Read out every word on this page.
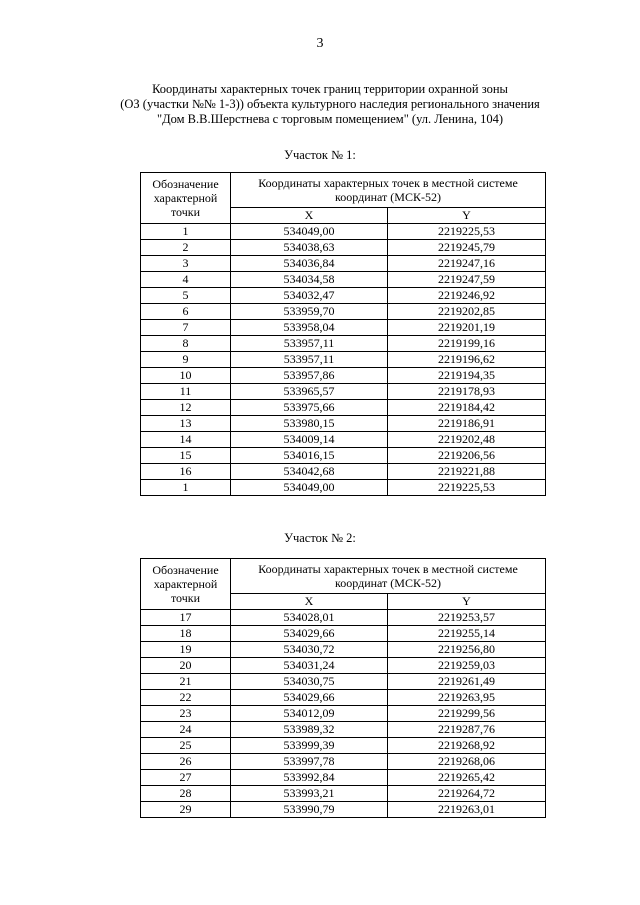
3
Координаты характерных точек границ территории охранной зоны
(ОЗ (участки №№ 1-3)) объекта культурного наследия регионального значения
"Дом В.В.Шерстнева с торговым помещением" (ул. Ленина, 104)
Участок № 1:
Обозначение характерной точки	Координаты характерных точек в местной системе координат (МСК-52)	
	X	Y
1	534049,00	2219225,53
2	534038,63	2219245,79
3	534036,84	2219247,16
4	534034,58	2219247,59
5	534032,47	2219246,92
6	533959,70	2219202,85
7	533958,04	2219201,19
8	533957,11	2219199,16
9	533957,11	2219196,62
10	533957,86	2219194,35
11	533965,57	2219178,93
12	533975,66	2219184,42
13	533980,15	2219186,91
14	534009,14	2219202,48
15	534016,15	2219206,56
16	534042,68	2219221,88
1	534049,00	2219225,53
Участок № 2:
Обозначение характерной точки	Координаты характерных точек в местной системе координат (МСК-52)	
	X	Y
17	534028,01	2219253,57
18	534029,66	2219255,14
19	534030,72	2219256,80
20	534031,24	2219259,03
21	534030,75	2219261,49
22	534029,66	2219263,95
23	534012,09	2219299,56
24	533989,32	2219287,76
25	533999,39	2219268,92
26	533997,78	2219268,06
27	533992,84	2219265,42
28	533993,21	2219264,72
29	533990,79	2219263,01
